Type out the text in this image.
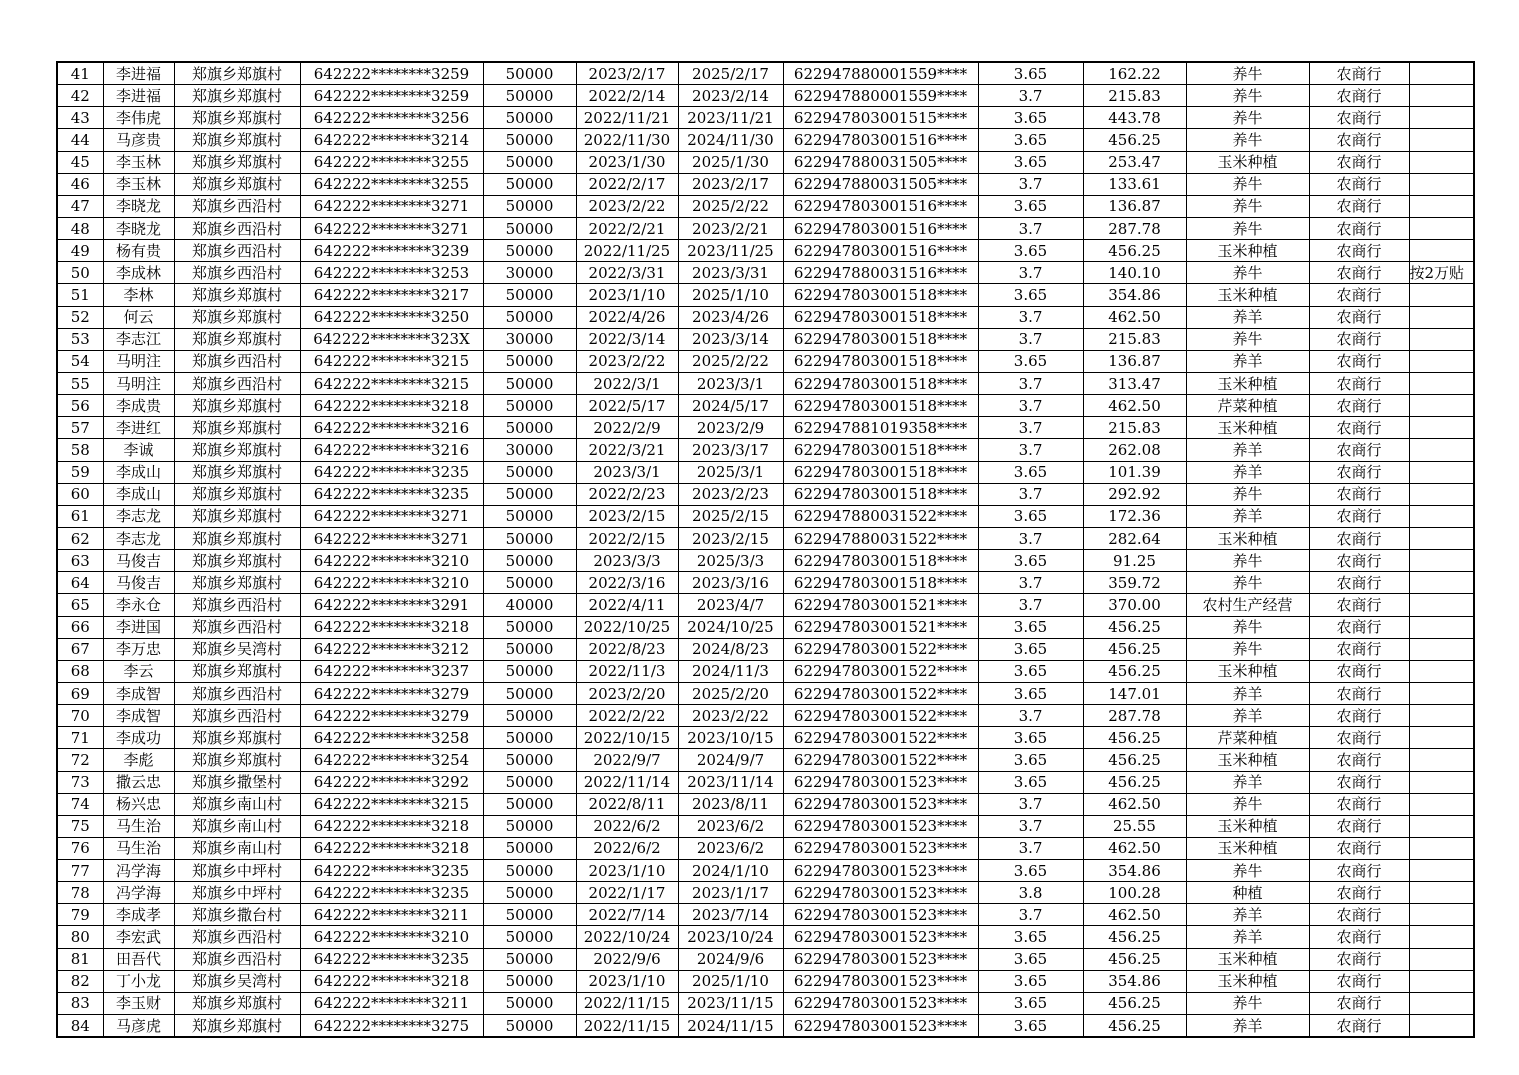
41	李进福	郑旗乡郑旗村	642222********3259	50000	2023/2/17	2025/2/17	622947880001559****	3.65	162.22	养牛	农商行	
42	李进福	郑旗乡郑旗村	642222********3259	50000	2022/2/14	2023/2/14	622947880001559****	3.7	215.83	养牛	农商行	
43	李伟虎	郑旗乡郑旗村	642222********3256	50000	2022/11/21	2023/11/21	622947803001515****	3.65	443.78	养牛	农商行	
44	马彦贵	郑旗乡郑旗村	642222********3214	50000	2022/11/30	2024/11/30	622947803001516****	3.65	456.25	养牛	农商行	
45	李玉林	郑旗乡郑旗村	642222********3255	50000	2023/1/30	2025/1/30	622947880031505****	3.65	253.47	玉米种植	农商行	
46	李玉林	郑旗乡郑旗村	642222********3255	50000	2022/2/17	2023/2/17	622947880031505****	3.7	133.61	养牛	农商行	
47	李晓龙	郑旗乡西沿村	642222********3271	50000	2023/2/22	2025/2/22	622947803001516****	3.65	136.87	养牛	农商行	
48	李晓龙	郑旗乡西沿村	642222********3271	50000	2022/2/21	2023/2/21	622947803001516****	3.7	287.78	养牛	农商行	
49	杨有贵	郑旗乡西沿村	642222********3239	50000	2022/11/25	2023/11/25	622947803001516****	3.65	456.25	玉米种植	农商行	
50	李成林	郑旗乡西沿村	642222********3253	30000	2022/3/31	2023/3/31	622947880031516****	3.7	140.10	养牛	农商行	按2万贴
51	李林	郑旗乡郑旗村	642222********3217	50000	2023/1/10	2025/1/10	622947803001518****	3.65	354.86	玉米种植	农商行	
52	何云	郑旗乡郑旗村	642222********3250	50000	2022/4/26	2023/4/26	622947803001518****	3.7	462.50	养羊	农商行	
53	李志江	郑旗乡郑旗村	642222********323X	30000	2022/3/14	2023/3/14	622947803001518****	3.7	215.83	养牛	农商行	
54	马明注	郑旗乡西沿村	642222********3215	50000	2023/2/22	2025/2/22	622947803001518****	3.65	136.87	养羊	农商行	
55	马明注	郑旗乡西沿村	642222********3215	50000	2022/3/1	2023/3/1	622947803001518****	3.7	313.47	玉米种植	农商行	
56	李成贵	郑旗乡郑旗村	642222********3218	50000	2022/5/17	2024/5/17	622947803001518****	3.7	462.50	芹菜种植	农商行	
57	李进红	郑旗乡郑旗村	642222********3216	50000	2022/2/9	2023/2/9	622947881019358****	3.7	215.83	玉米种植	农商行	
58	李诚	郑旗乡郑旗村	642222********3216	30000	2022/3/21	2023/3/17	622947803001518****	3.7	262.08	养羊	农商行	
59	李成山	郑旗乡郑旗村	642222********3235	50000	2023/3/1	2025/3/1	622947803001518****	3.65	101.39	养羊	农商行	
60	李成山	郑旗乡郑旗村	642222********3235	50000	2022/2/23	2023/2/23	622947803001518****	3.7	292.92	养牛	农商行	
61	李志龙	郑旗乡郑旗村	642222********3271	50000	2023/2/15	2025/2/15	622947880031522****	3.65	172.36	养羊	农商行	
62	李志龙	郑旗乡郑旗村	642222********3271	50000	2022/2/15	2023/2/15	622947880031522****	3.7	282.64	玉米种植	农商行	
63	马俊吉	郑旗乡郑旗村	642222********3210	50000	2023/3/3	2025/3/3	622947803001518****	3.65	91.25	养牛	农商行	
64	马俊吉	郑旗乡郑旗村	642222********3210	50000	2022/3/16	2023/3/16	622947803001518****	3.7	359.72	养牛	农商行	
65	李永仓	郑旗乡西沿村	642222********3291	40000	2022/4/11	2023/4/7	622947803001521****	3.7	370.00	农村生产经营	农商行	
66	李进国	郑旗乡西沿村	642222********3218	50000	2022/10/25	2024/10/25	622947803001521****	3.65	456.25	养牛	农商行	
67	李万忠	郑旗乡吴湾村	642222********3212	50000	2022/8/23	2024/8/23	622947803001522****	3.65	456.25	养牛	农商行	
68	李云	郑旗乡郑旗村	642222********3237	50000	2022/11/3	2024/11/3	622947803001522****	3.65	456.25	玉米种植	农商行	
69	李成智	郑旗乡西沿村	642222********3279	50000	2023/2/20	2025/2/20	622947803001522****	3.65	147.01	养羊	农商行	
70	李成智	郑旗乡西沿村	642222********3279	50000	2022/2/22	2023/2/22	622947803001522****	3.7	287.78	养羊	农商行	
71	李成功	郑旗乡郑旗村	642222********3258	50000	2022/10/15	2023/10/15	622947803001522****	3.65	456.25	芹菜种植	农商行	
72	李彪	郑旗乡郑旗村	642222********3254	50000	2022/9/7	2024/9/7	622947803001522****	3.65	456.25	玉米种植	农商行	
73	撒云忠	郑旗乡撒堡村	642222********3292	50000	2022/11/14	2023/11/14	622947803001523****	3.65	456.25	养羊	农商行	
74	杨兴忠	郑旗乡南山村	642222********3215	50000	2022/8/11	2023/8/11	622947803001523****	3.7	462.50	养牛	农商行	
75	马生治	郑旗乡南山村	642222********3218	50000	2022/6/2	2023/6/2	622947803001523****	3.7	25.55	玉米种植	农商行	
76	马生治	郑旗乡南山村	642222********3218	50000	2022/6/2	2023/6/2	622947803001523****	3.7	462.50	玉米种植	农商行	
77	冯学海	郑旗乡中坪村	642222********3235	50000	2023/1/10	2024/1/10	622947803001523****	3.65	354.86	养牛	农商行	
78	冯学海	郑旗乡中坪村	642222********3235	50000	2022/1/17	2023/1/17	622947803001523****	3.8	100.28	种植	农商行	
79	李成孝	郑旗乡撒台村	642222********3211	50000	2022/7/14	2023/7/14	622947803001523****	3.7	462.50	养羊	农商行	
80	李宏武	郑旗乡西沿村	642222********3210	50000	2022/10/24	2023/10/24	622947803001523****	3.65	456.25	养羊	农商行	
81	田吾代	郑旗乡西沿村	642222********3235	50000	2022/9/6	2024/9/6	622947803001523****	3.65	456.25	玉米种植	农商行	
82	丁小龙	郑旗乡吴湾村	642222********3218	50000	2023/1/10	2025/1/10	622947803001523****	3.65	354.86	玉米种植	农商行	
83	李玉财	郑旗乡郑旗村	642222********3211	50000	2022/11/15	2023/11/15	622947803001523****	3.65	456.25	养牛	农商行	
84	马彦虎	郑旗乡郑旗村	642222********3275	50000	2022/11/15	2024/11/15	622947803001523****	3.65	456.25	养羊	农商行	
